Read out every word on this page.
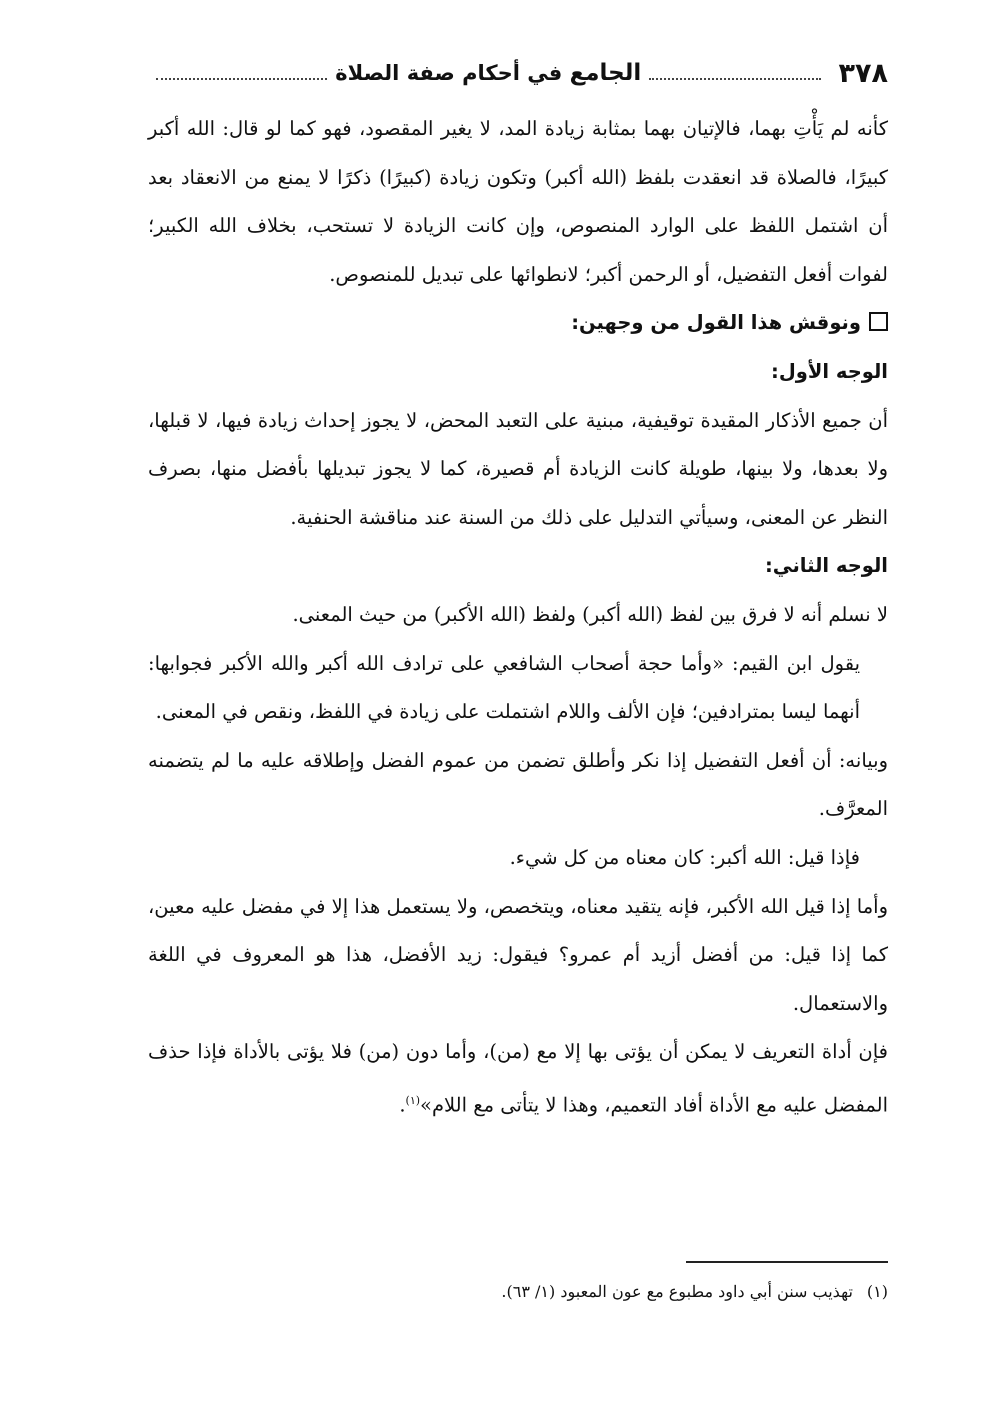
٣٧٨
الجامع في أحكام صفة الصلاة

كأنه لم يَأْتِ بهما، فالإتيان بهما بمثابة زيادة المد، لا يغير المقصود، فهو كما لو قال: الله أكبر كبيرًا، فالصلاة قد انعقدت بلفظ (الله أكبر) وتكون زيادة (كبيرًا) ذكرًا لا يمنع من الانعقاد بعد أن اشتمل اللفظ على الوارد المنصوص، وإن كانت الزيادة لا تستحب، بخلاف الله الكبير؛ لفوات أفعل التفضيل، أو الرحمن أكبر؛ لانطوائها على تبديل للمنصوص.

ونوقش هذا القول من وجهين:

الوجه الأول:

أن جميع الأذكار المقيدة توقيفية، مبنية على التعبد المحض، لا يجوز إحداث زيادة فيها، لا قبلها، ولا بعدها، ولا بينها، طويلة كانت الزيادة أم قصيرة، كما لا يجوز تبديلها بأفضل منها، بصرف النظر عن المعنى، وسيأتي التدليل على ذلك من السنة عند مناقشة الحنفية.

الوجه الثاني:

لا نسلم أنه لا فرق بين لفظ (الله أكبر) ولفظ (الله الأكبر) من حيث المعنى.

يقول ابن القيم: «وأما حجة أصحاب الشافعي على ترادف الله أكبر والله الأكبر فجوابها: أنهما ليسا بمترادفين؛ فإن الألف واللام اشتملت على زيادة في اللفظ، ونقص في المعنى.

وبيانه: أن أفعل التفضيل إذا نكر وأطلق تضمن من عموم الفضل وإطلاقه عليه ما لم يتضمنه المعرَّف.

فإذا قيل: الله أكبر: كان معناه من كل شيء.

وأما إذا قيل الله الأكبر، فإنه يتقيد معناه، ويتخصص، ولا يستعمل هذا إلا في مفضل عليه معين، كما إذا قيل: من أفضل أزيد أم عمرو؟ فيقول: زيد الأفضل، هذا هو المعروف في اللغة والاستعمال.

فإن أداة التعريف لا يمكن أن يؤتى بها إلا مع (من)، وأما دون (من) فلا يؤتى بالأداة فإذا حذف المفضل عليه مع الأداة أفاد التعميم، وهذا لا يتأتى مع اللام»$^{(١)}$.

(١)تهذيب سنن أبي داود مطبوع مع عون المعبود (١/ ٦٣).
